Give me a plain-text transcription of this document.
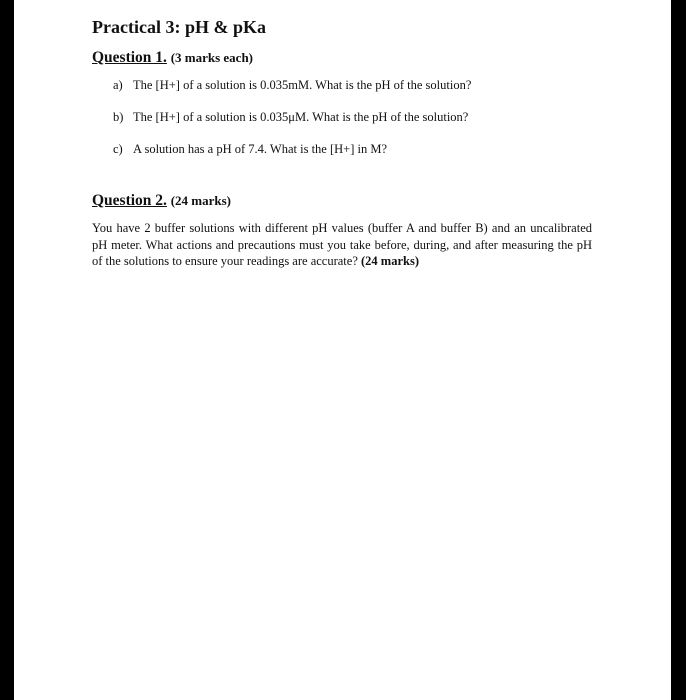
Practical 3: pH & pKa
Question 1. (3 marks each)
a) The [H+] of a solution is 0.035mM. What is the pH of the solution?
b) The [H+] of a solution is 0.035μM. What is the pH of the solution?
c) A solution has a pH of 7.4. What is the [H+] in M?
Question 2. (24 marks)

You have 2 buffer solutions with different pH values (buffer A and buffer B) and an uncalibrated pH meter. What actions and precautions must you take before, during, and after measuring the pH of the solutions to ensure your readings are accurate? (24 marks)
